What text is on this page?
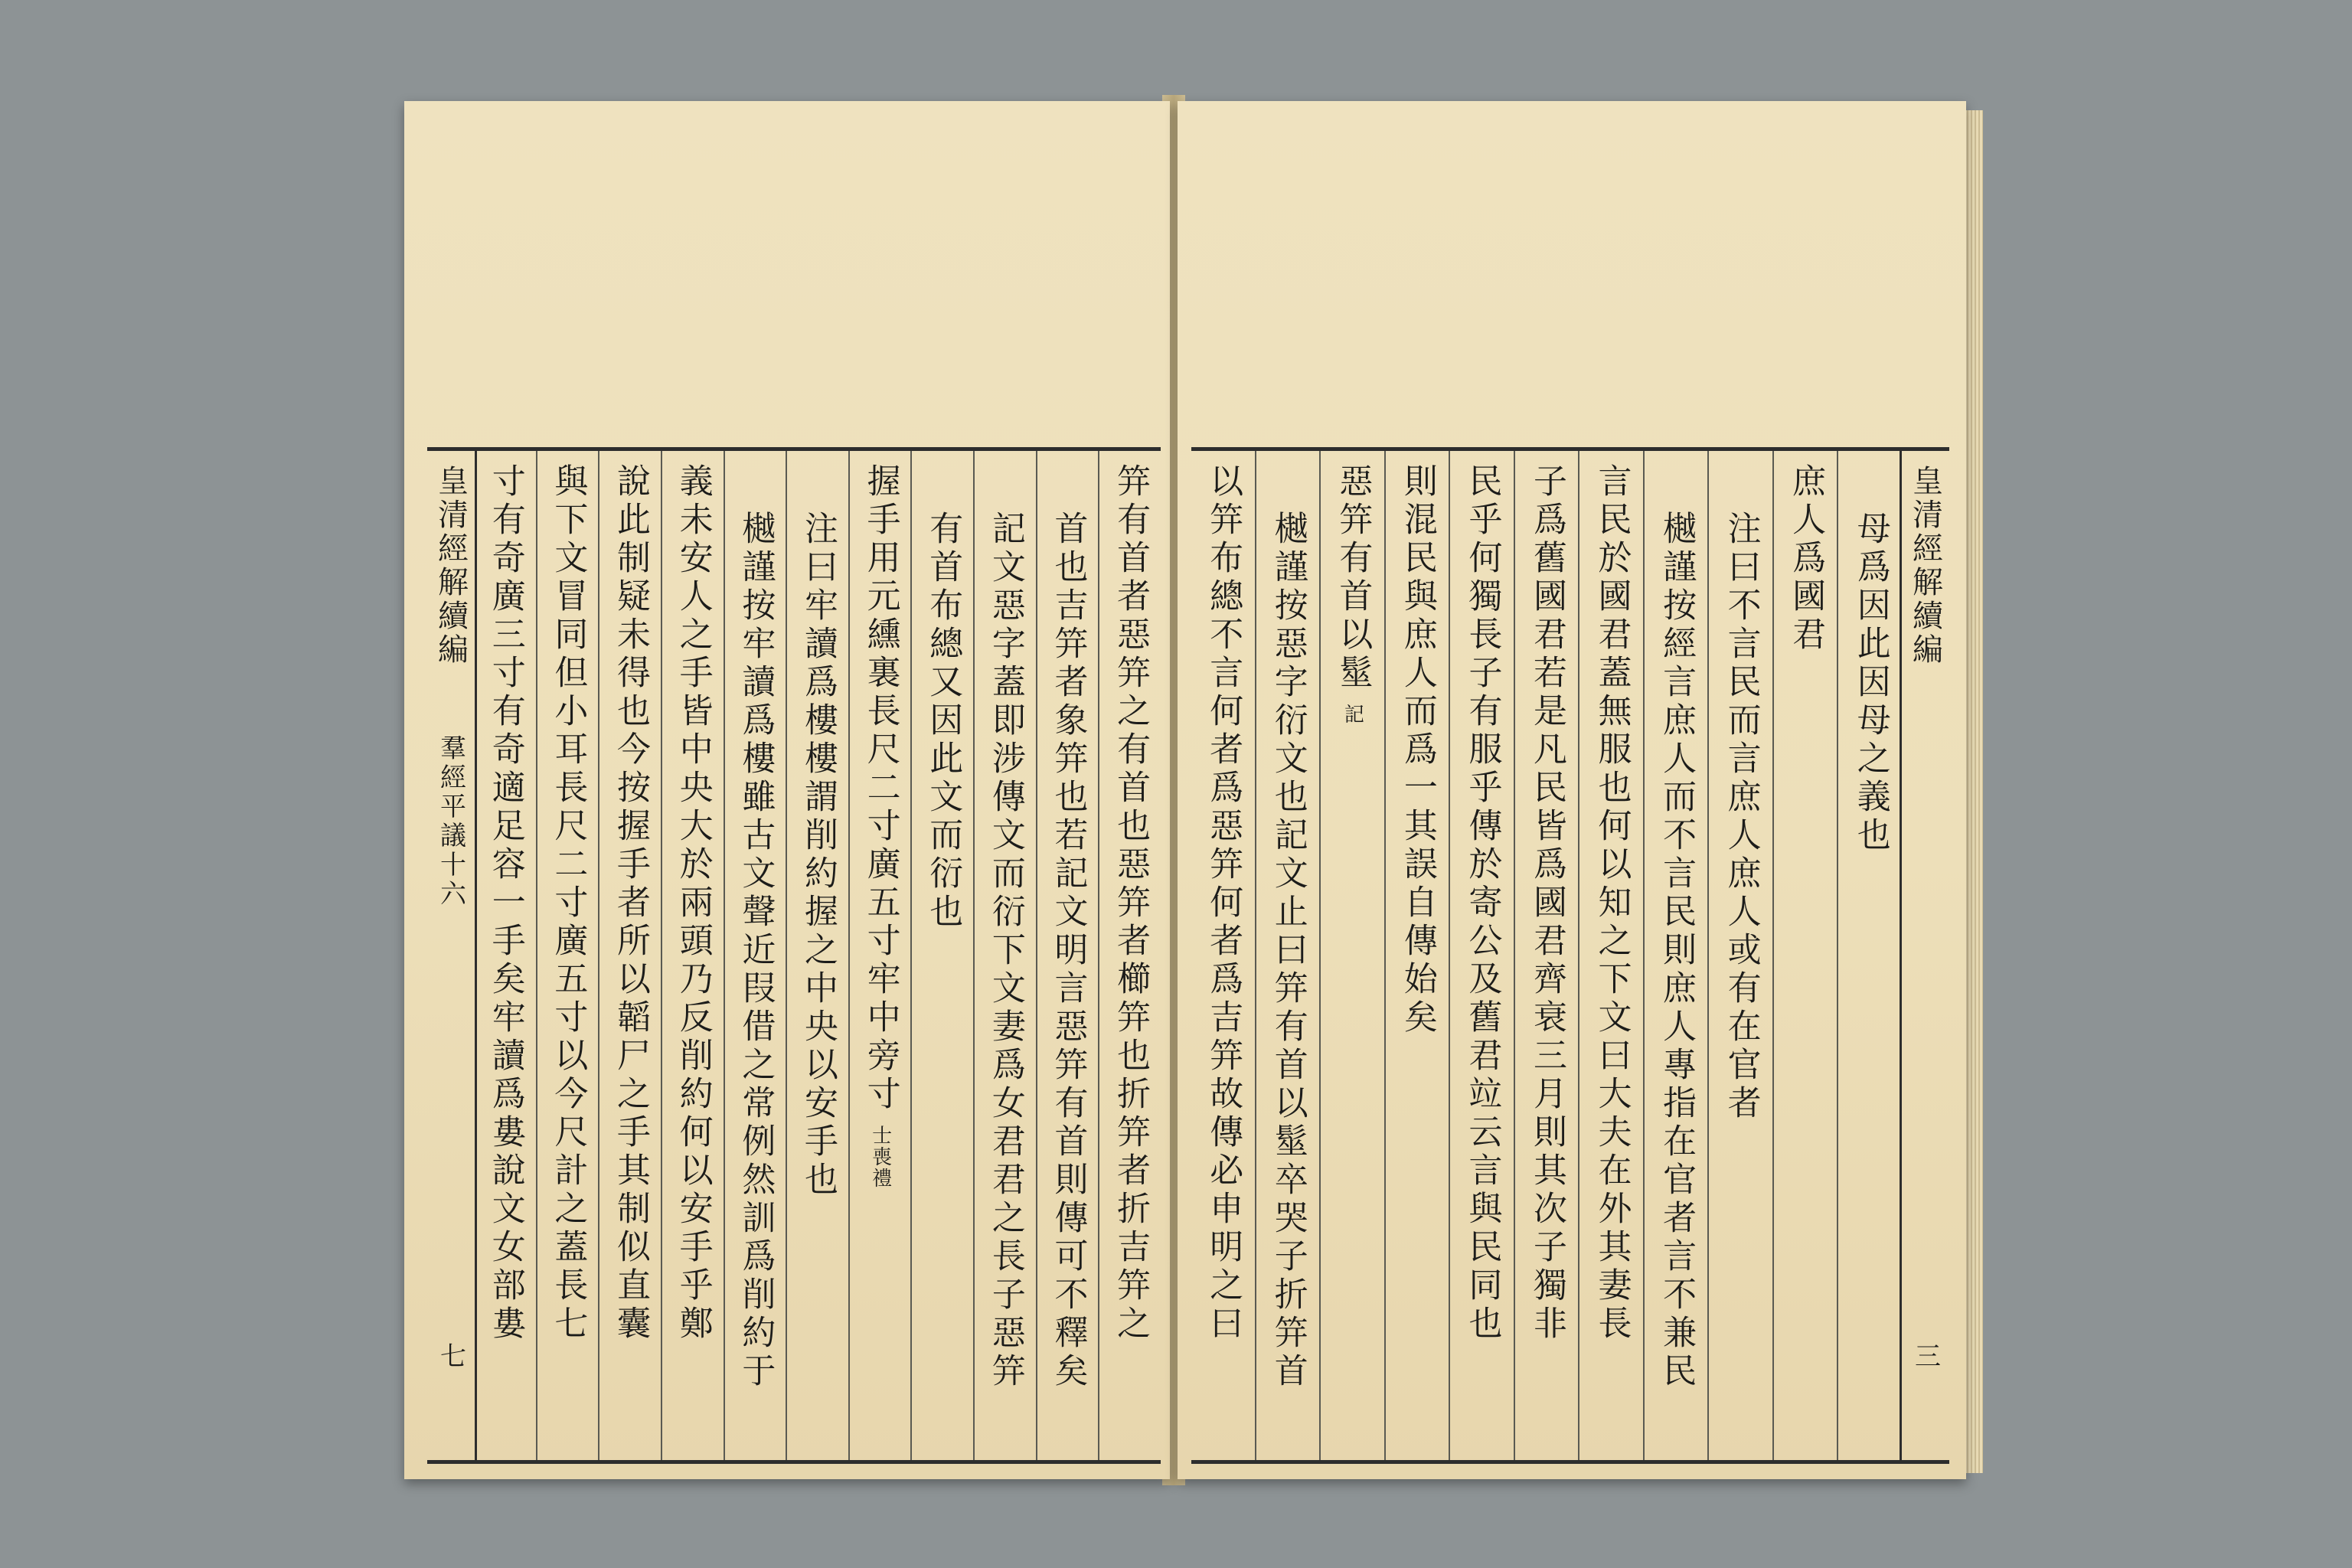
皇清經解續編
羣經平議十六
七
笄有首者惡笄之有首也惡笄者櫛笄也折笄者折吉笄之
首也吉笄者象笄也若記文明言惡笄有首則傳可不釋矣
記文惡字蓋即涉傳文而衍下文妻爲女君君之長子惡笄
有首布總又因此文而衍也
握手用元纁裏長尺二寸廣五寸牢中旁寸士喪禮
注曰牢讀爲樓樓謂削約握之中央以安手也
樾謹按牢讀爲樓雖古文聲近叚借之常例然訓爲削約于
義未安人之手皆中央大於兩頭乃反削約何以安手乎鄭
說此制疑未得也今按握手者所以韜尸之手其制似直囊
與下文冒同但小耳長尺二寸廣五寸以今尺計之蓋長七
寸有奇廣三寸有奇適足容一手矣牢讀爲婁說文女部婁	皇清經解續編
三
母爲因此因母之義也
庶人爲國君
注曰不言民而言庶人庶人或有在官者
樾謹按經言庶人而不言民則庶人專指在官者言不兼民
言民於國君蓋無服也何以知之下文曰大夫在外其妻長
子爲舊國君若是凡民皆爲國君齊衰三月則其次子獨非
民乎何獨長子有服乎傳於寄公及舊君竝云言與民同也
則混民與庶人而爲一其誤自傳始矣
惡笄有首以髽記
樾謹按惡字衍文也記文止曰笄有首以髽卒哭子折笄首
以笄布總不言何者爲惡笄何者爲吉笄故傳必申明之曰
